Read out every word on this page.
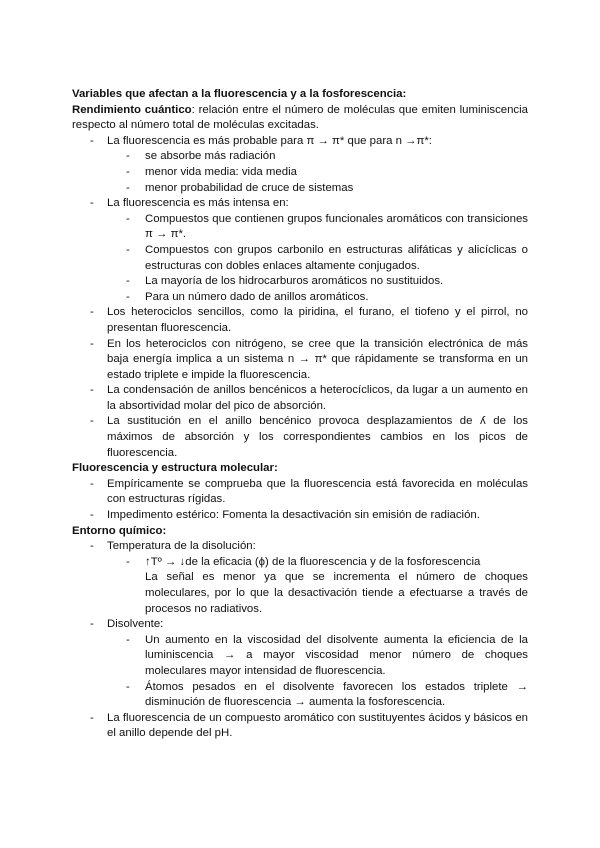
Variables que afectan a la fluorescencia y a la fosforescencia:
Rendimiento cuántico: relación entre el número de moléculas que emiten luminiscencia respecto al número total de moléculas excitadas.
- La fluorescencia es más probable para π → π* que para n →π*:
- se absorbe más radiación
- menor vida media: vida media
- menor probabilidad de cruce de sistemas
- La fluorescencia es más intensa en:
- Compuestos que contienen grupos funcionales aromáticos con transiciones π → π*.
- Compuestos con grupos carbonilo en estructuras alifáticas y alicíclicas o estructuras con dobles enlaces altamente conjugados.
- La mayoría de los hidrocarburos aromáticos no sustituidos.
- Para un número dado de anillos aromáticos.
- Los heterociclos sencillos, como la piridina, el furano, el tiofeno y el pirrol, no presentan fluorescencia.
- En los heterociclos con nitrógeno, se cree que la transición electrónica de más baja energía implica a un sistema n → π* que rápidamente se transforma en un estado triplete e impide la fluorescencia.
- La condensación de anillos bencénicos a heterocíclicos, da lugar a un aumento en la absortividad molar del pico de absorción.
- La sustitución en el anillo bencénico provoca desplazamientos de ʎ de los máximos de absorción y los correspondientes cambios en los picos de fluorescencia.
Fluorescencia y estructura molecular:
- Empíricamente se comprueba que la fluorescencia está favorecida en moléculas con estructuras rígidas.
- Impedimento estérico: Fomenta la desactivación sin emisión de radiación.
Entorno químico:
- Temperatura de la disolución:
- ↑Tº → ↓de la eficacia (ϕ) de la fluorescencia y de la fosforescencia
La señal es menor ya que se incrementa el número de choques moleculares, por lo que la desactivación tiende a efectuarse a través de procesos no radiativos.
- Disolvente:
- Un aumento en la viscosidad del disolvente aumenta la eficiencia de la luminiscencia → a mayor viscosidad menor número de choques moleculares mayor intensidad de fluorescencia.
- Átomos pesados en el disolvente favorecen los estados triplete → disminución de fluorescencia → aumenta la fosforescencia.
- La fluorescencia de un compuesto aromático con sustituyentes ácidos y básicos en el anillo depende del pH.
